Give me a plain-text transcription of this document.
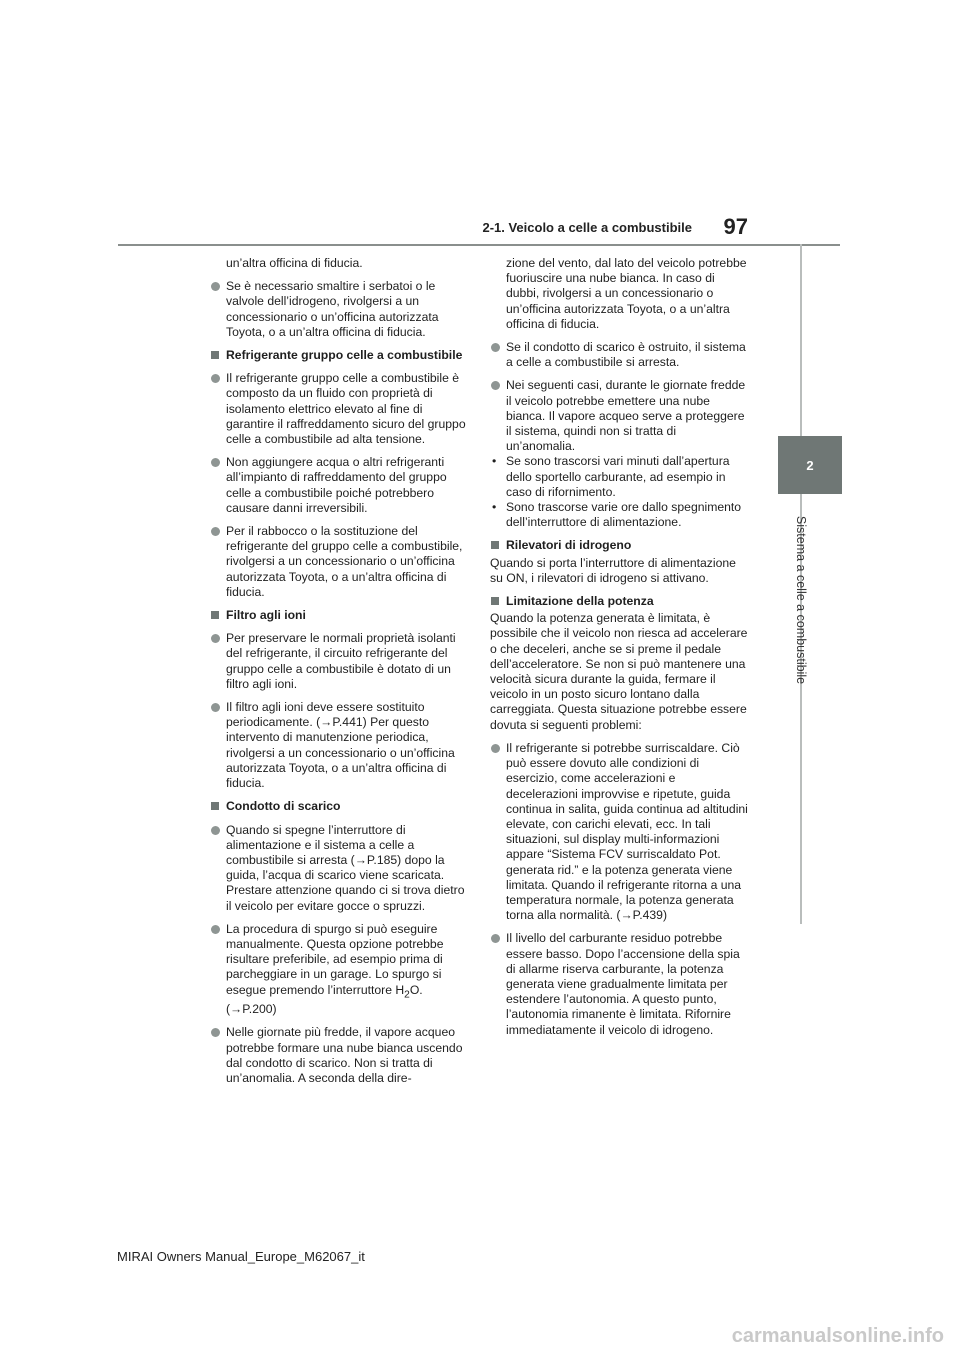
97
2-1. Veicolo a celle a combustibile
2
Sistema a celle a combustibile
un’altra officina di fiducia.
Se è necessario smaltire i serbatoi o le valvole dell’idrogeno, rivolgersi a un concessionario o un’officina autorizzata Toyota, o a un’altra officina di fiducia.
Refrigerante gruppo celle a combustibile
Il refrigerante gruppo celle a combustibile è composto da un fluido con proprietà di isolamento elettrico elevato al fine di garantire il raffreddamento sicuro del gruppo celle a combustibile ad alta tensione.
Non aggiungere acqua o altri refrigeranti all’impianto di raffreddamento del gruppo celle a combustibile poiché potrebbero causare danni irreversibili.
Per il rabbocco o la sostituzione del refrigerante del gruppo celle a combustibile, rivolgersi a un concessionario o un’officina autorizzata Toyota, o a un’altra officina di fiducia.
Filtro agli ioni
Per preservare le normali proprietà isolanti del refrigerante, il circuito refrigerante del gruppo celle a combustibile è dotato di un filtro agli ioni.
Il filtro agli ioni deve essere sostituito periodicamente. (→P.441) Per questo intervento di manutenzione periodica, rivolgersi a un concessionario o un’officina autorizzata Toyota, o a un’altra officina di fiducia.
Condotto di scarico
Quando si spegne l’interruttore di alimentazione e il sistema a celle a combustibile si arresta (→P.185) dopo la guida, l’acqua di scarico viene scaricata. Prestare attenzione quando ci si trova dietro il veicolo per evitare gocce o spruzzi.
La procedura di spurgo si può eseguire manualmente. Questa opzione potrebbe risultare preferibile, ad esempio prima di parcheggiare in un garage. Lo spurgo si esegue premendo l’interruttore $H_2O$. (→P.200)
Nelle giornate più fredde, il vapore acqueo potrebbe formare una nube bianca uscendo dal condotto di scarico. Non si tratta di un’anomalia. A seconda della dire-
zione del vento, dal lato del veicolo potrebbe fuoriuscire una nube bianca. In caso di dubbi, rivolgersi a un concessionario o un’officina autorizzata Toyota, o a un’altra officina di fiducia.
Se il condotto di scarico è ostruito, il sistema a celle a combustibile si arresta.
Nei seguenti casi, durante le giornate fredde il veicolo potrebbe emettere una nube bianca. Il vapore acqueo serve a proteggere il sistema, quindi non si tratta di un’anomalia.
• Se sono trascorsi vari minuti dall’apertura dello sportello carburante, ad esempio in caso di rifornimento.
• Sono trascorse varie ore dallo spegnimento dell’interruttore di alimentazione.
Rilevatori di idrogeno
Quando si porta l’interruttore di alimentazione su ON, i rilevatori di idrogeno si attivano.
Limitazione della potenza
Quando la potenza generata è limitata, è possibile che il veicolo non riesca ad accelerare o che deceleri, anche se si preme il pedale dell’acceleratore. Se non si può mantenere una velocità sicura durante la guida, fermare il veicolo in un posto sicuro lontano dalla carreggiata. Questa situazione potrebbe essere dovuta si seguenti problemi:
Il refrigerante si potrebbe surriscaldare. Ciò può essere dovuto alle condizioni di esercizio, come accelerazioni e decelerazioni improvvise e ripetute, guida continua in salita, guida continua ad altitudini elevate, con carichi elevati, ecc. In tali situazioni, sul display multi-informazioni appare “Sistema FCV surriscaldato Pot. generata rid.” e la potenza generata viene limitata. Quando il refrigerante ritorna a una temperatura normale, la potenza generata torna alla normalità. (→P.439)
Il livello del carburante residuo potrebbe essere basso. Dopo l’accensione della spia di allarme riserva carburante, la potenza generata viene gradualmente limitata per estendere l’autonomia. A questo punto, l’autonomia rimanente è limitata. Rifornire immediatamente il veicolo di idrogeno.
MIRAI Owners Manual_Europe_M62067_it
carmanualsonline.info
